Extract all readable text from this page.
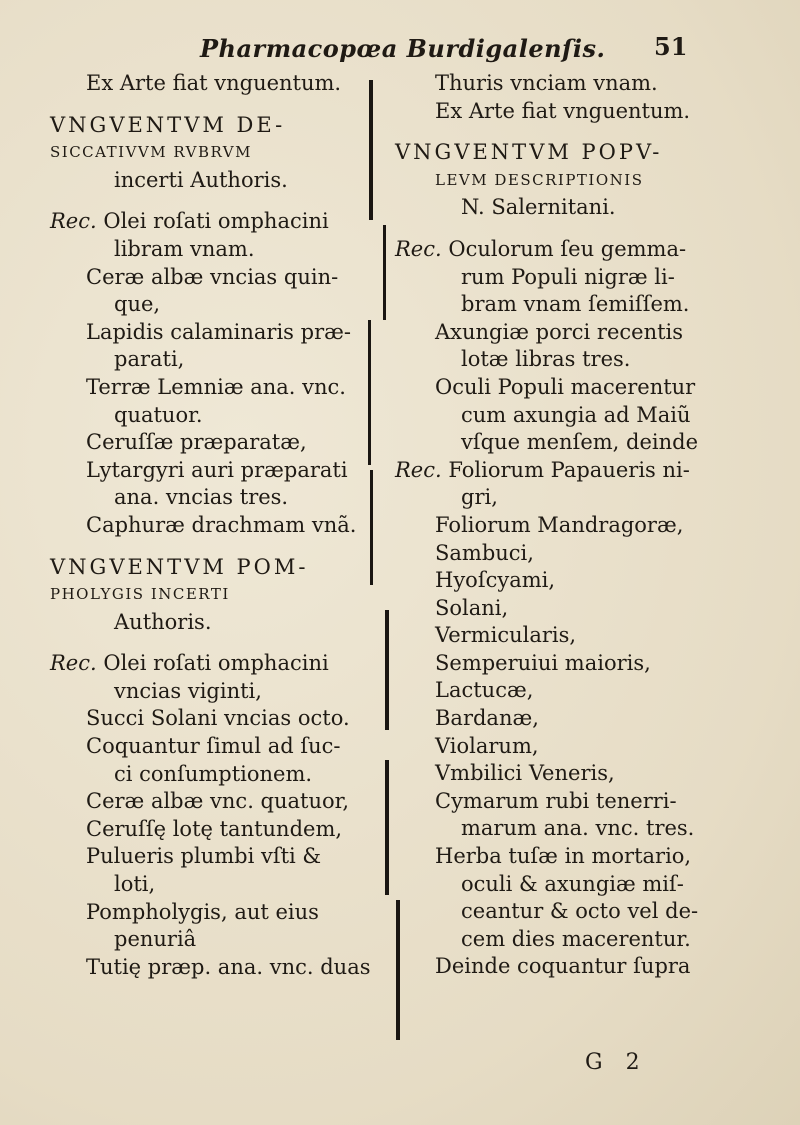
Pharmacopœa Burdigalenſis. 51
Ex Arte fiat vnguentum.
VNGVENTVM DE-
SICCATIVVM RVBRVM
incerti Authoris.
Rec. Olei roſati omphacini
libram vnam.
Ceræ albæ vncias quin-
que,
Lapidis calaminaris præ-
parati,
Terræ Lemniæ ana. vnc.
quatuor.
Ceruſſæ præparatæ,
Lytargyri auri præparati
ana. vncias tres.
Caphuræ drachmam vnã.
VNGVENTVM POM-
PHOLYGIS INCERTI
Authoris.
Rec. Olei roſati omphacini
vncias viginti,
Succi Solani vncias octo.
Coquantur ſimul ad ſuc-
ci conſumptionem.
Ceræ albæ vnc. quatuor,
Ceruſſę lotę tantundem,
Pulueris plumbi vſti &
loti,
Pompholygis, aut eius
penuriâ
Tutię præp. ana. vnc. duas
Thuris vnciam vnam.
Ex Arte fiat vnguentum.
VNGVENTVM POPV-
LEVM DESCRIPTIONIS
N. Salernitani.
Rec. Oculorum ſeu gemma-
rum Populi nigræ li-
bram vnam ſemiſſem.
Axungiæ porci recentis
lotæ libras tres.
Oculi Populi macerentur
cum axungia ad Maiũ
vſque menſem, deinde
Rec. Foliorum Papaueris ni-
gri,
Foliorum Mandragoræ,
Sambuci,
Hyoſcyami,
Solani,
Vermicularis,
Semperuiui maioris,
Lactucæ,
Bardanæ,
Violarum,
Vmbilici Veneris,
Cymarum rubi tenerri-
marum ana. vnc. tres.
Herba tuſæ in mortario,
oculi & axungiæ miſ-
ceantur & octo vel de-
cem dies macerentur.
Deinde coquantur ſupra
G 2
